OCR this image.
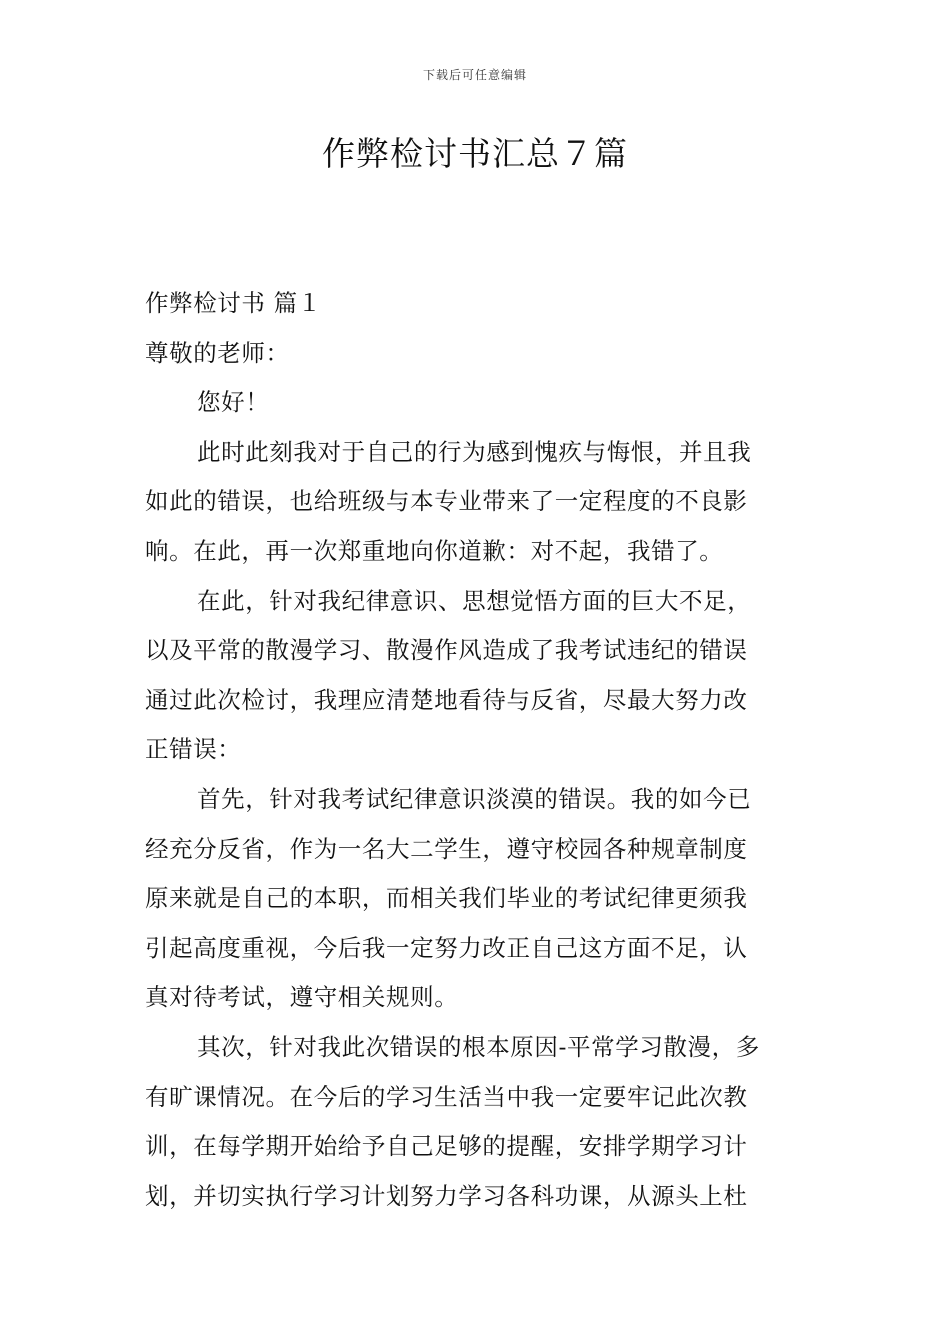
下载后可任意编辑
作弊检讨书汇总７篇
作弊检讨书 篇１
尊敬的老师：
您好！
此时此刻我对于自己的行为感到愧疚与悔恨，并且我
如此的错误，也给班级与本专业带来了一定程度的不良影
响。在此，再一次郑重地向你道歉：对不起，我错了。
在此，针对我纪律意识、思想觉悟方面的巨大不足，
以及平常的散漫学习、散漫作风造成了我考试违纪的错误
通过此次检讨，我理应清楚地看待与反省，尽最大努力改
正错误：
首先，针对我考试纪律意识淡漠的错误。我的如今已
经充分反省，作为一名大二学生，遵守校园各种规章制度
原来就是自己的本职，而相关我们毕业的考试纪律更须我
引起高度重视，今后我一定努力改正自己这方面不足，认
真对待考试，遵守相关规则。
其次，针对我此次错误的根本原因-平常学习散漫，多
有旷课情况。在今后的学习生活当中我一定要牢记此次教
训，在每学期开始给予自己足够的提醒，安排学期学习计
划，并切实执行学习计划努力学习各科功课，从源头上杜
